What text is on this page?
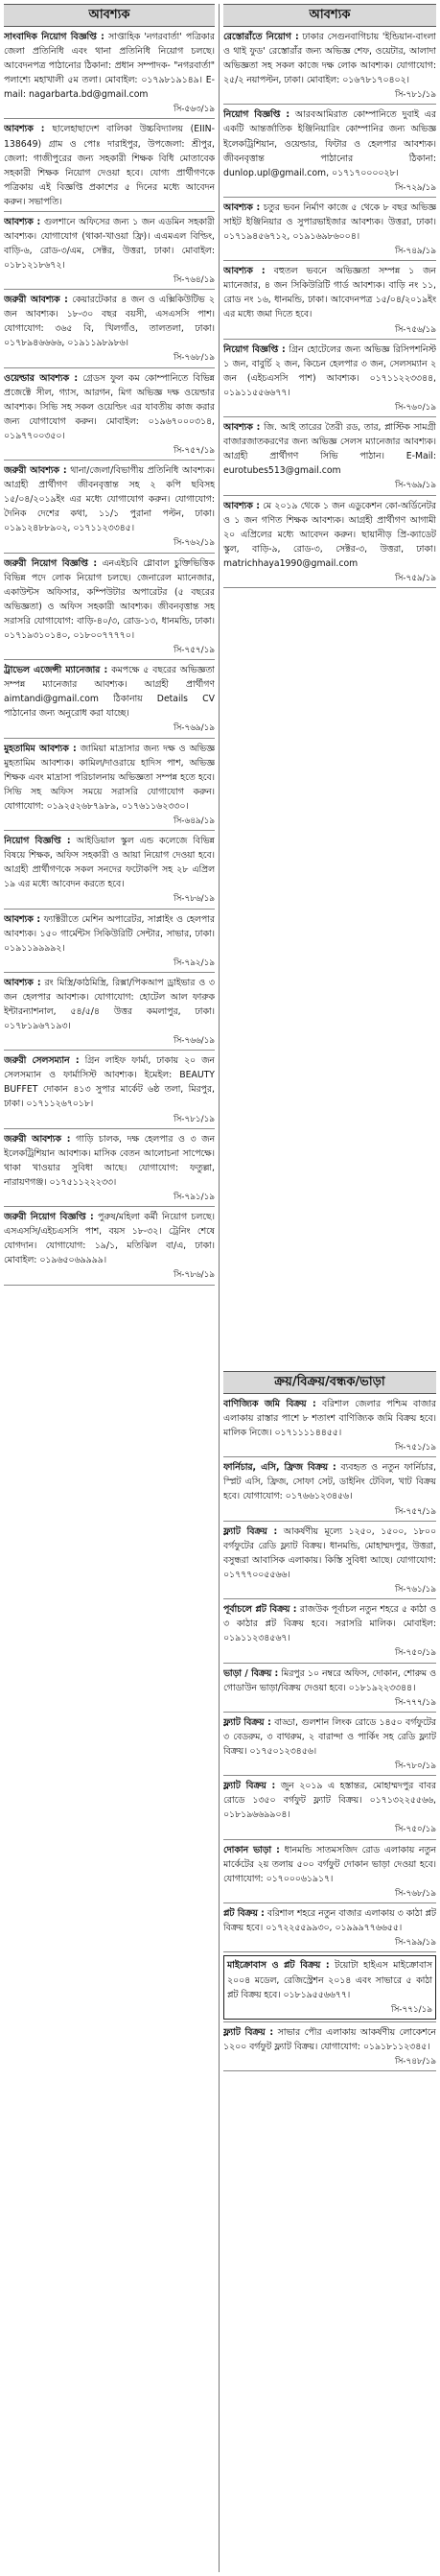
আবশ্যক
সাংবাদিক নিয়োগ বিজ্ঞপ্তি : সাপ্তাহিক 'নগরবার্তা' পত্রিকার জেলা প্রতিনিধি এবং থানা প্রতিনিধি নিয়োগ চলছে। আবেদনপত্র পাঠানোর ঠিকানা: প্রধান সম্পাদক- "নগরবার্তা" পলাশ্যে মহাখালী ৫ম তলা। মোবাইল: ০১৭৯৮১৯১৪৯। E-mail: nagarbarta.bd@gmail.com
সি-৫৬৩/১৯
আবশ্যক : ছালেহাছাদেশ বালিকা উচ্চবিদ্যালয় (EIIN-138649) গ্রাম ও পোঃ দারাইপুর, উপজেলা: শ্রীপুর, জেলা: গাজীপুরের জন্য সহকারী শিক্ষক বিধি মোতাবেক সহকারী শিক্ষক নিয়োগ দেওয়া হবে। যোগ্য প্রার্থীগণকে পত্রিকায় এই বিজ্ঞপ্তি প্রকাশের ৫ দিনের মধ্যে আবেদন করুন। সভাপতি।
আবশ্যক : গুলশানে অফিসের জন্য ১ জন এডমিন সহকারী আবশ্যক। যোগাযোগ (থাকা-খাওয়া ফ্রি)। এএমএল বিল্ডিং, বাড়ি-৬, রোড-৩/এম, সেক্টর, উত্তরা, ঢাকা। মোবাইল: ০১৮১২১৮৬৭২।
সি-৭৬৪/১৯
জরুরী আবশ্যক : কেয়ারটেকার ৪ জন ও এক্সিকিউটিভ ২ জন আবশ্যক। ১৮-৩০ বছর বয়সী, এসএসসি পাশ। যোগাযোগ: ৩৬৫ বি, খিলগাঁও, তালতলা, ঢাকা। ০১৭৮৯৪৬৬৬৬, ০১৯১১৯৮৯৮৬।
সি-৭৬৮/১৯
ওয়েল্ডার আবশ্যক : গ্রেডস ফুল কম কোম্পানিতে বিভিন্ন প্রজেক্টে সীল, গ্যাস, আরগন, মিগ অভিজ্ঞ দক্ষ ওয়েল্ডার আবশ্যক। সিভি সহ সকল ওয়েল্ডিং এর যাবতীয় কাজ করার জন্য যোগাযোগ করুন। মোবাইল: ০১৯৬৭০০০৩১৪, ০১৯৭৭০০৩৫০।
সি-৭৫৭/১৯
জরুরী আবশ্যক : থানা/জেলা/বিভাগীয় প্রতিনিধি আবশ্যক। আগ্রহী প্রার্থীগণ জীবনবৃত্তান্ত সহ ২ কপি ছবিসহ ১৫/০৪/২০১৯ইং এর মধ্যে যোগাযোগ করুন। যোগাযোগ: দৈনিক দেশের কথা, ১১/১ পুরানা পল্টন, ঢাকা। ০১৯১২৪৮৮৯০২, ০১৭১১২৩৩৪৫।
সি-৭৬২/১৯
জরুরী নিয়োগ বিজ্ঞপ্তি : এনএইচবি গ্লোবাল চুক্তিভিত্তিক বিভিন্ন পদে লোক নিয়োগ চলছে। জেনারেল ম্যানেজার, একাউন্টস অফিসার, কম্পিউটার অপারেটর (৫ বছরের অভিজ্ঞতা) ও অফিস সহকারী আবশ্যক। জীবনবৃত্তান্ত সহ সরাসরি যোগাযোগ: বাড়ি-৪০/৩, রোড-১৩, ধানমন্ডি, ঢাকা। ০১৭১৯৩১০১৪০, ০১৮০০৭৭৭৭০।
সি-৭৫৭/১৯
ট্রাভেল এজেন্সী ম্যানেজার : কমপক্ষে ৫ বছরের অভিজ্ঞতা সম্পন্ন ম্যানেজার আবশ্যক। আগ্রহী প্রার্থীগণ aimtandi@gmail.com ঠিকানায় Details CV পাঠানোর জন্য অনুরোধ করা যাচ্ছে।
সি-৭৬৯/১৯
মুহতামিম আবশ্যক : জামিয়া মাদ্রাসার জন্য দক্ষ ও অভিজ্ঞ মুহতামিম আবশ্যক। কামিল/দাওরায়ে হাদিস পাশ, অভিজ্ঞ শিক্ষক এবং মাদ্রাসা পরিচালনায় অভিজ্ঞতা সম্পন্ন হতে হবে। সিভি সহ অফিস সময়ে সরাসরি যোগাযোগ করুন। যোগাযোগ: ০১৯২৫২৬৮৭৯৮৯, ০১৭৬১১৬২৩৩০।
সি-৬৪৯/১৯
নিয়োগ বিজ্ঞপ্তি : আইডিয়াল স্কুল এন্ড কলেজে বিভিন্ন বিষয়ে শিক্ষক, অফিস সহকারী ও আয়া নিয়োগ দেওয়া হবে। আগ্রহী প্রার্থীগণকে সকল সনদের ফটোকপি সহ ২৮ এপ্রিল ১৯ এর মধ্যে আবেদন করতে হবে।
সি-৭৮৬/১৯
আবশ্যক : ফ্যাক্টরীতে মেশিন অপারেটর, সাপ্লাইং ও হেলপার আবশ্যক। ১৫০ গার্মেন্টস সিকিউরিটি সেন্টার, সাভার, ঢাকা। ০১৯১১৯৯৯৯২।
সি-৭৯২/১৯
আবশ্যক : রং মিস্ত্রি/কাঠমিস্ত্রি, রিক্সা/পিকআপ ড্রাইভার ও ৩ জন হেলপার আবশ্যক। যোগাযোগ: হোটেল আল ফারুক ইন্টারন্যাশনাল, ৫৪/৫/৪ উত্তর কমলাপুর, ঢাকা। ০১৭৮১৯৬৭১৯৩।
সি-৭৬৬/১৯
জরুরী সেলসম্যান : গ্রিন লাইফ ফার্মা, ঢাকায় ২০ জন সেলসম্যান ও ফার্মাসিস্ট আবশ্যক। ইমেইল: BEAUTY BUFFET দোকান ৪১৩ সুপার মার্কেট ৬ষ্ঠ তলা, মিরপুর, ঢাকা। ০১৭১১২৬৭০১৮।
সি-৭৮১/১৯
জরুরী আবশ্যক : গাড়ি চালক, দক্ষ হেলপার ও ৩ জন ইলেকট্রিশিয়ান আবশ্যক। মাসিক বেতন আলোচনা সাপেক্ষে। থাকা খাওয়ার সুবিধা আছে। যোগাযোগ: ফতুল্লা, নারায়ণগঞ্জ। ০১৭৫১১২২২৩৩।
সি-৭৯১/১৯
জরুরী নিয়োগ বিজ্ঞপ্তি : পুরুষ/মহিলা কর্মী নিয়োগ চলছে। এসএসসি/এইচএসসি পাশ, বয়স ১৮-৩২। ট্রেনিং শেষে যোগদান। যোগাযোগ: ১৯/১, মতিঝিল বা/এ, ঢাকা। মোবাইল: ০১৯৬৫০৬৯৯৯৯।
সি-৭৮৬/১৯
আবশ্যক
রেস্তোরাঁতে নিয়োগ : ঢাকার সেগুনবাগিচায় 'ইন্ডিয়ান-বাংলা ও থাই ফুড' রেস্তোরাঁর জন্য অভিজ্ঞ শেফ, ওয়েটার, আলাদা অভিজ্ঞতা সহ সকল কাজে দক্ষ লোক আবশ্যক। যোগাযোগ: ২৫/২ নয়াপল্টন, ঢাকা। মোবাইল: ০১৬৭৮১৭০৪০২।
সি-৭৮১/১৯
নিয়োগ বিজ্ঞপ্তি : আরবআমিরাত কোম্পানিতে দুবাই এর একটি আন্তর্জাতিক ইঞ্জিনিয়ারিং কোম্পানির জন্য অভিজ্ঞ ইলেকট্রিশিয়ান, ওয়েল্ডার, ফিটার ও হেলপার আবশ্যক। জীবনবৃত্তান্ত পাঠানোর ঠিকানা: dunlop.upl@gmail.com, ০১৭১৭০০০০২৮।
সি-৭২৯/১৯
আবশ্যক : চতুর ভবন নির্মাণ কাজে ৫ থেকে ৮ বছর অভিজ্ঞ সাইট ইঞ্জিনিয়ার ও সুপারভাইজার আবশ্যক। উত্তরা, ঢাকা। ০১৭১৯৪৫৬৭১২, ০১৯১৬৯৮৬০০৪।
সি-৭৪৯/১৯
আবশ্যক : বহুতল ভবনে অভিজ্ঞতা সম্পন্ন ১ জন ম্যানেজার, ৪ জন সিকিউরিটি গার্ড আবশ্যক। বাড়ি নং ১১, রোড নং ১৬, ধানমন্ডি, ঢাকা। আবেদনপত্র ১৫/০৪/২০১৯ইং এর মধ্যে জমা দিতে হবে।
সি-৭৫৬/১৯
নিয়োগ বিজ্ঞপ্তি : গ্রিন হোটেলের জন্য অভিজ্ঞ রিসিপশনিস্ট ১ জন, বাবুর্চি ২ জন, কিচেন হেলপার ৩ জন, সেলসম্যান ২ জন (এইচএসসি পাশ) আবশ্যক। ০১৭১১২২৩৩৪৪, ০১৯১১৫৫৬৬৭৭।
সি-৭৬০/১৯
আবশ্যক : জি. আই তারের তৈরী রড, তার, প্লাস্টিক সামগ্রী বাজারজাতকরণের জন্য অভিজ্ঞ সেলস ম্যানেজার আবশ্যক। আগ্রহী প্রার্থীগণ সিভি পাঠান। E-Mail: eurotubes513@gmail.com
সি-৭৬৯/১৯
আবশ্যক : মে ২০১৯ থেকে ১ জন এডুকেশন কো-অর্ডিনেটর ও ১ জন গণিত শিক্ষক আবশ্যক। আগ্রহী প্রার্থীগণ আগামী ২০ এপ্রিলের মধ্যে আবেদন করুন। ছায়ানীড় প্রি-ক্যাডেট স্কুল, বাড়ি-৯, রোড-৩, সেক্টর-৩, উত্তরা, ঢাকা। matrichhaya1990@gmail.com
সি-৭৫৯/১৯
ক্রয়/বিক্রয়/বন্ধক/ভাড়া
বাণিজ্যিক জমি বিক্রয় : বরিশাল জেলার পশ্চিম বাজার এলাকায় রাস্তার পাশে ৮ শতাংশ বাণিজ্যিক জমি বিক্রয় হবে। মালিক নিজে। ০১৭১১১১৪৪৫৫।
সি-৭৫১/১৯
ফার্নিচার, এসি, ফ্রিজ বিক্রয় : ব্যবহৃত ও নতুন ফার্নিচার, স্প্লিট এসি, ফ্রিজ, সোফা সেট, ডাইনিং টেবিল, খাট বিক্রয় হবে। যোগাযোগ: ০১৭৬৬১২৩৪৫৬।
সি-৭৫৭/১৯
ফ্ল্যাট বিক্রয় : আকর্ষণীয় মূল্যে ১২৫০, ১৫০০, ১৮০০ বর্গফুটের রেডি ফ্ল্যাট বিক্রয়। ধানমন্ডি, মোহাম্মদপুর, উত্তরা, বসুন্ধরা আবাসিক এলাকায়। কিস্তি সুবিধা আছে। যোগাযোগ: ০১৭৭৭০০৫৫৬৬।
সি-৭৬১/১৯
পূর্বাচলে প্লট বিক্রয় : রাজউক পূর্বাচল নতুন শহরে ৫ কাঠা ও ৩ কাঠার প্লট বিক্রয় হবে। সরাসরি মালিক। মোবাইল: ০১৯১১২৩৪৫৬৭।
সি-৭৫০/১৯
ভাড়া / বিক্রয় : মিরপুর ১০ নম্বরে অফিস, দোকান, শোরুম ও গোডাউন ভাড়া/বিক্রয় দেওয়া হবে। ০১৮১৯২২৩৩৪৪।
সি-৭৭৭/১৯
ফ্ল্যাট বিক্রয় : বাড্ডা, গুলশান লিংক রোডে ১৪৫০ বর্গফুটের ৩ বেডরুম, ৩ বাথরুম, ২ বারান্দা ও পার্কিং সহ রেডি ফ্ল্যাট বিক্রয়। ০১৭৫০১২৩৪৫৬।
সি-৭৮০/১৯
ফ্ল্যাট বিক্রয় : জুন ২০১৯ এ হস্তান্তর, মোহাম্মদপুর বাবর রোডে ১৩৫০ বর্গফুট ফ্ল্যাট বিক্রয়। ০১৭১৩২২৫৫৬৬, ০১৮১৯৬৬৯৯০৪।
সি-৭৫০/১৯
দোকান ভাড়া : ধানমন্ডি সাতমসজিদ রোড এলাকায় নতুন মার্কেটের ২য় তলায় ৫০০ বর্গফুট দোকান ভাড়া দেওয়া হবে। যোগাযোগ: ০১৭০০০৬১৯১৭।
সি-৭৬৮/১৯
প্লট বিক্রয় : বরিশাল শহরে নতুন বাজার এলাকায় ৩ কাঠা প্লট বিক্রয় হবে। ০১৭২২৫৫৯৯৩০, ০১৯৯৯৭৭৬৬৫৫।
সি-৭৯৯/১৯
মাইক্রোবাস ও প্লট বিক্রয় : টয়োটা হাইএস মাইক্রোবাস ২০০৪ মডেল, রেজিস্ট্রেশন ২০১৪ এবং সাভারে ৫ কাঠা প্লট বিক্রয় হবে। ০১৮১৯৫৫৬৬৭৭।
সি-৭৭১/১৯
ফ্ল্যাট বিক্রয় : সাভার পৌর এলাকায় আকর্ষণীয় লোকেশনে ১২০০ বর্গফুট ফ্ল্যাট বিক্রয়। যোগাযোগ: ০১৯১৮১১২৩৪৫।
সি-৭৪৮/১৯
